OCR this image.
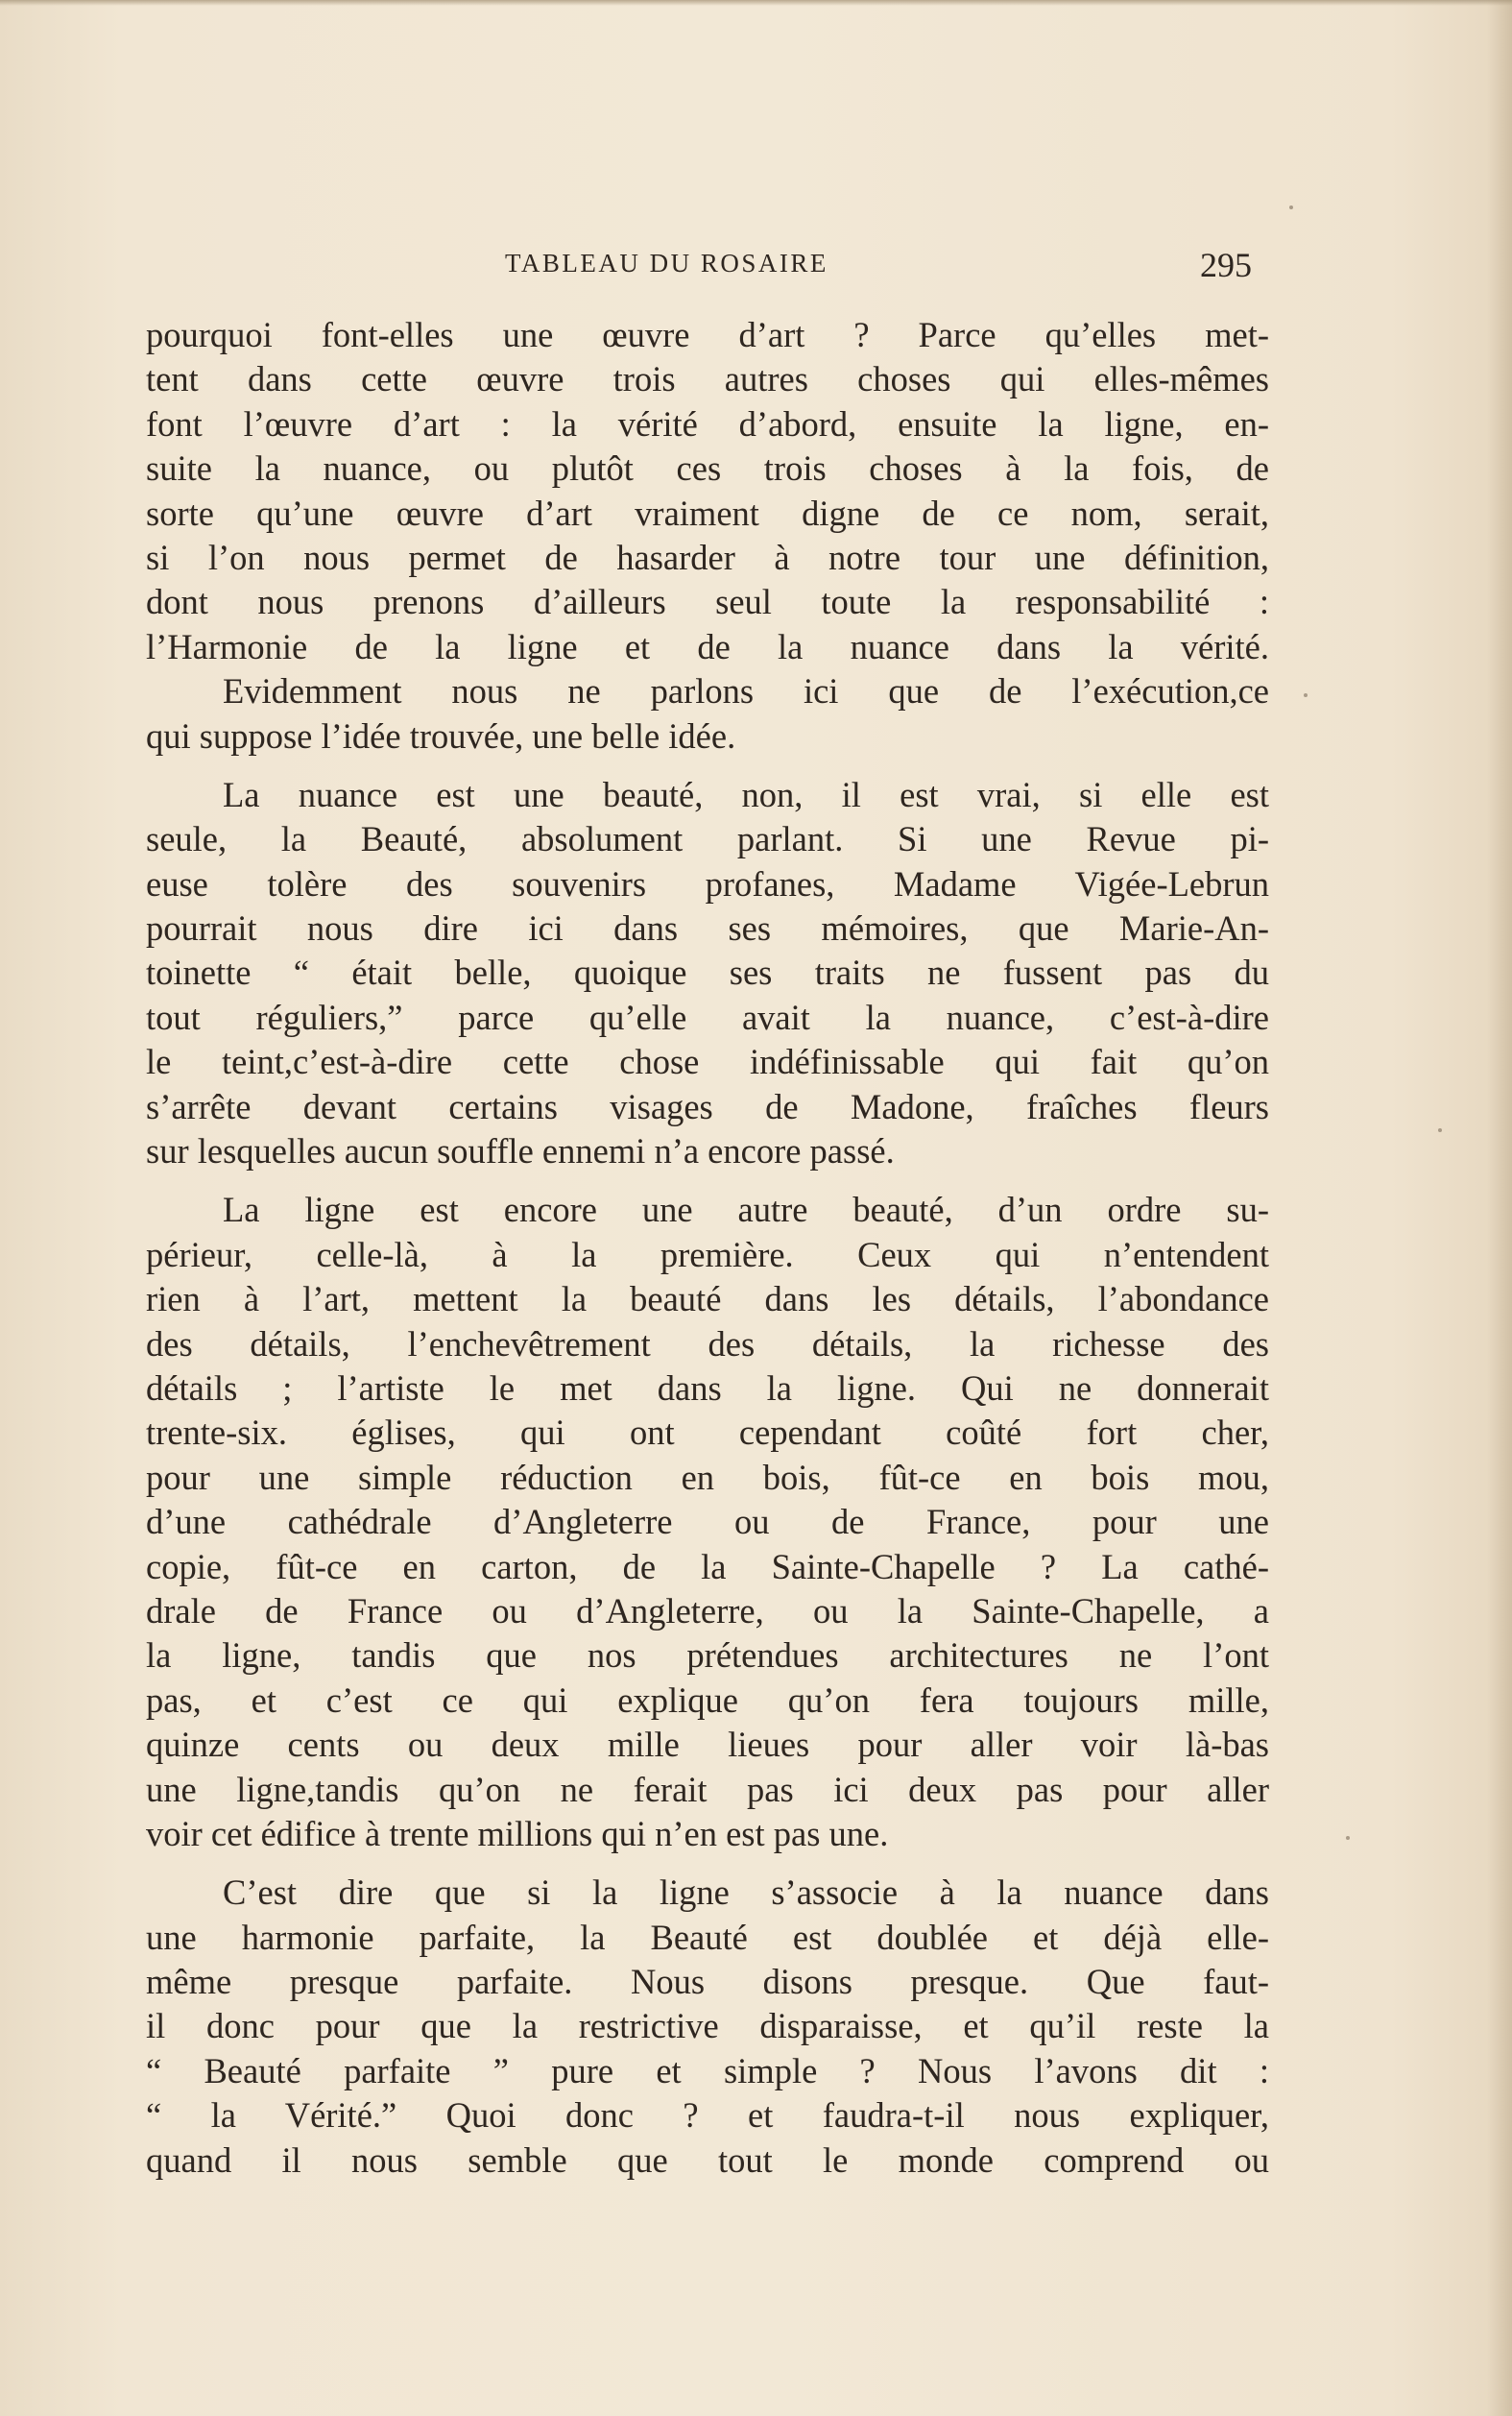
TABLEAU DU ROSAIRE	295
pourquoi font-elles une œuvre d’art ? Parce qu’elles met-
tent dans cette œuvre trois autres choses qui elles-mêmes
font l’œuvre d’art : la vérité d’abord, ensuite la ligne, en-
suite la nuance, ou plutôt ces trois choses à la fois, de
sorte qu’une œuvre d’art vraiment digne de ce nom, serait,
si l’on nous permet de hasarder à notre tour une définition,
dont nous prenons d’ailleurs seul toute la responsabilité :
l’Harmonie de la ligne et de la nuance dans la vérité.
Evidemment nous ne parlons ici que de l’exécution,ce
qui suppose l’idée trouvée, une belle idée.
La nuance est une beauté, non, il est vrai, si elle est
seule, la Beauté, absolument parlant. Si une Revue pi-
euse tolère des souvenirs profanes, Madame Vigée-Lebrun
pourrait nous dire ici dans ses mémoires, que Marie-An-
toinette “ était belle, quoique ses traits ne fussent pas du
tout réguliers,” parce qu’elle avait la nuance, c’est-à-dire
le teint,c’est-à-dire cette chose indéfinissable qui fait qu’on
s’arrête devant certains visages de Madone, fraîches fleurs
sur lesquelles aucun souffle ennemi n’a encore passé.
La ligne est encore une autre beauté, d’un ordre su-
périeur, celle-là, à la première. Ceux qui n’entendent
rien à l’art, mettent la beauté dans les détails, l’abondance
des détails, l’enchevêtrement des détails, la richesse des
détails ; l’artiste le met dans la ligne. Qui ne donnerait
trente-six. églises, qui ont cependant coûté fort cher,
pour une simple réduction en bois, fût-ce en bois mou,
d’une cathédrale d’Angleterre ou de France, pour une
copie, fût-ce en carton, de la Sainte-Chapelle ? La cathé-
drale de France ou d’Angleterre, ou la Sainte-Chapelle, a
la ligne, tandis que nos prétendues architectures ne l’ont
pas, et c’est ce qui explique qu’on fera toujours mille,
quinze cents ou deux mille lieues pour aller voir là-bas
une ligne,tandis qu’on ne ferait pas ici deux pas pour aller
voir cet édifice à trente millions qui n’en est pas une.
C’est dire que si la ligne s’associe à la nuance dans
une harmonie parfaite, la Beauté est doublée et déjà elle-
même presque parfaite. Nous disons presque. Que faut-
il donc pour que la restrictive disparaisse, et qu’il reste la
“ Beauté parfaite ” pure et simple ? Nous l’avons dit :
“ la Vérité.” Quoi donc ? et faudra-t-il nous expliquer,
quand il nous semble que tout le monde comprend ou
